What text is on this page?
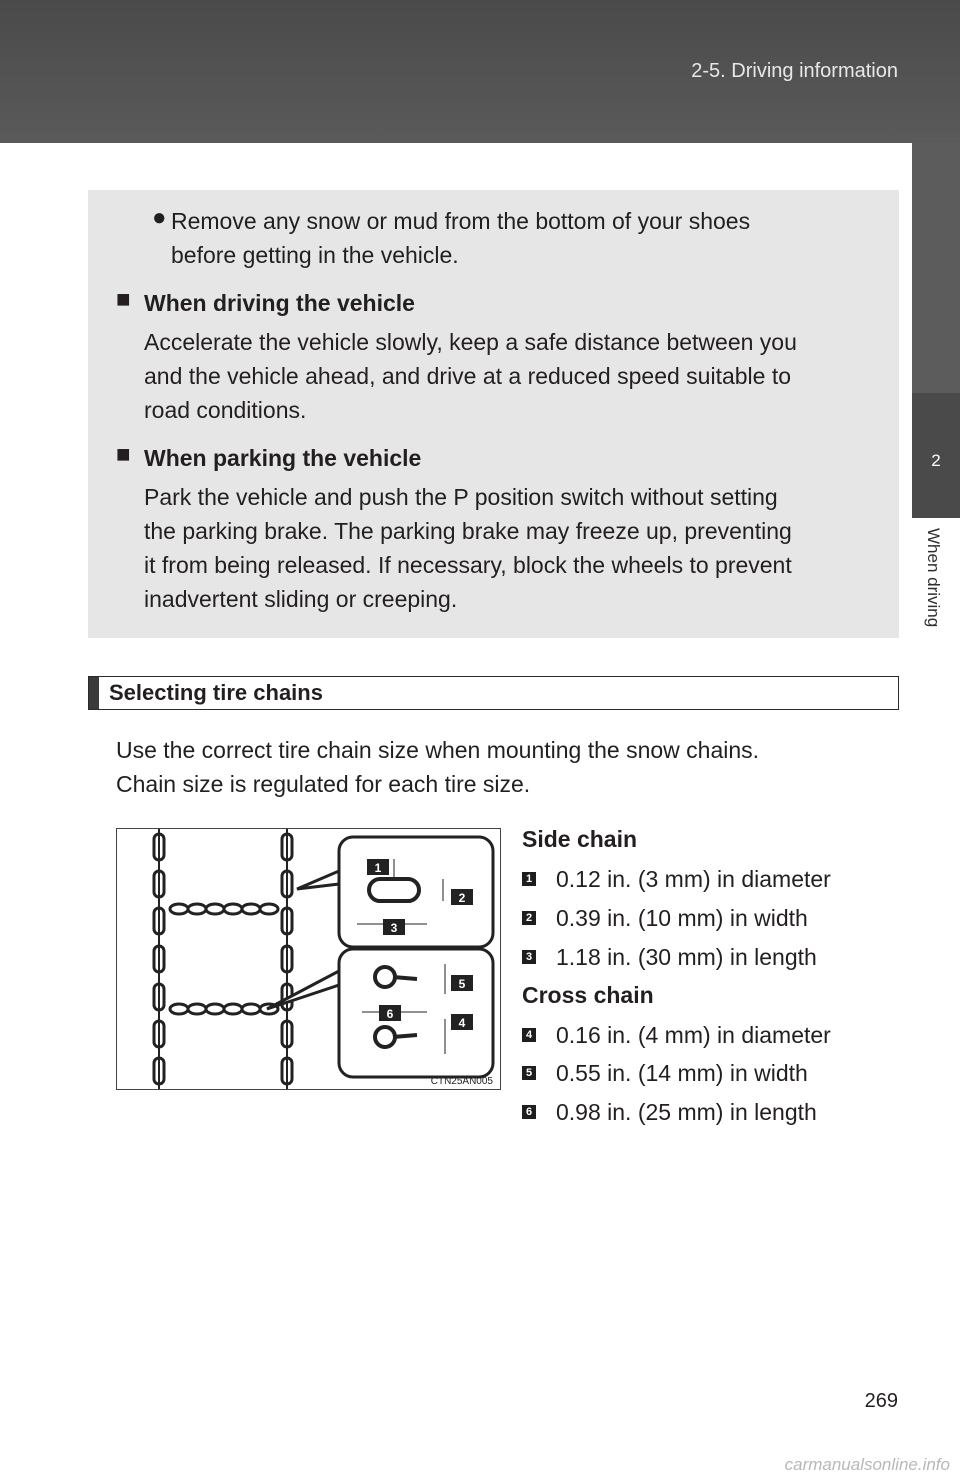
2-5. Driving information
2
When driving
● Remove any snow or mud from the bottom of your shoes
before getting in the vehicle.
■ When driving the vehicle
Accelerate the vehicle slowly, keep a safe distance between you
and the vehicle ahead, and drive at a reduced speed suitable to
road conditions.
■ When parking the vehicle
Park the vehicle and push the P position switch without setting
the parking brake. The parking brake may freeze up, preventing
it from being released. If necessary, block the wheels to prevent
inadvertent sliding or creeping.
Selecting tire chains
Use the correct tire chain size when mounting the snow chains.
Chain size is regulated for each tire size.
1
2
3
4
5
6
CTN25AN005
Side chain
1 0.12 in. (3 mm) in diameter
2 0.39 in. (10 mm) in width
3 1.18 in. (30 mm) in length
Cross chain
4 0.16 in. (4 mm) in diameter
5 0.55 in. (14 mm) in width
6 0.98 in. (25 mm) in length
269
carmanualsonline.info
